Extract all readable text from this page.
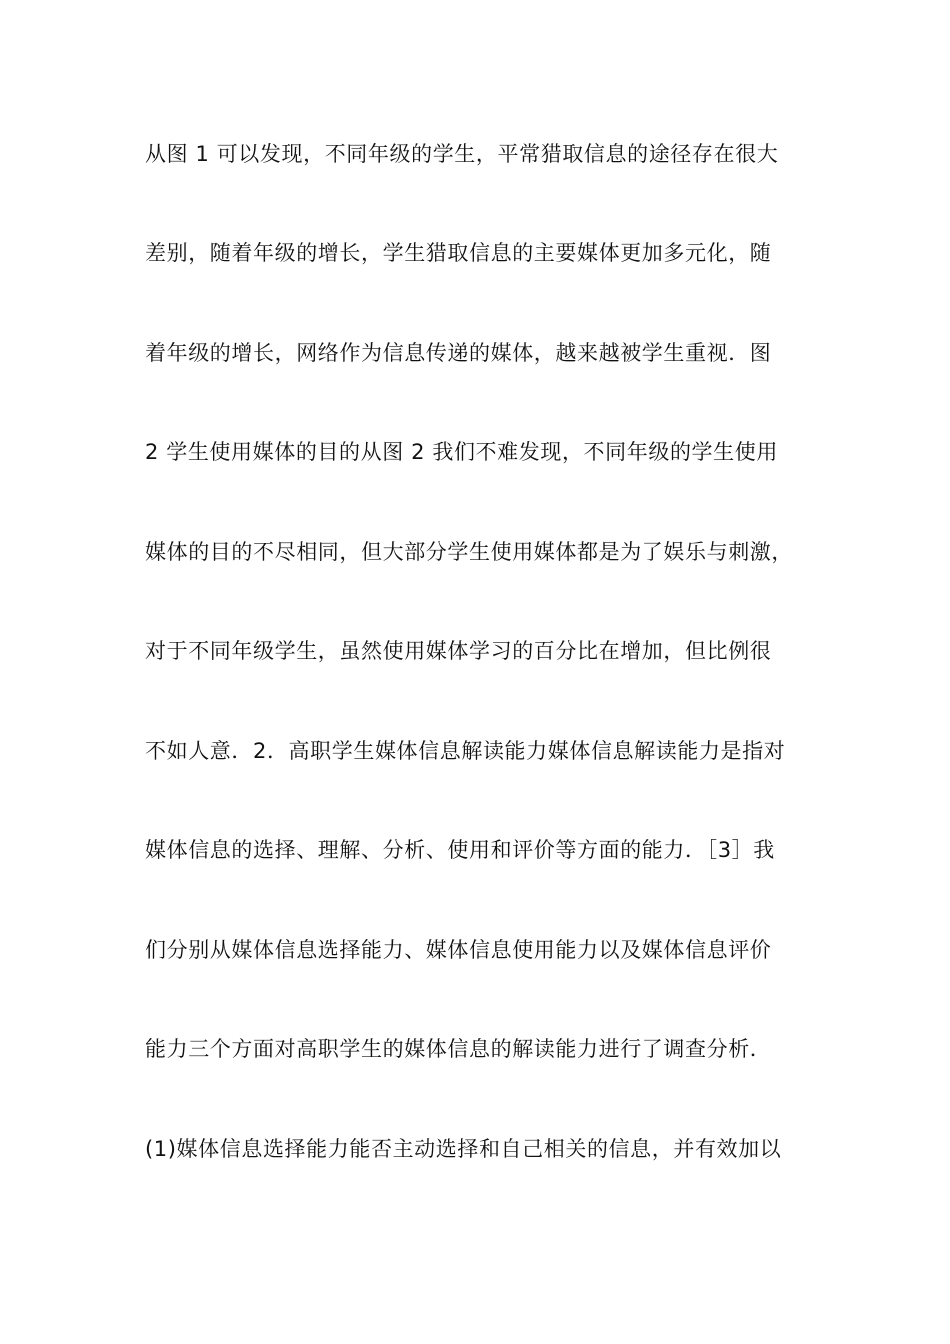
从图 1 可以发现，不同年级的学生，平常猎取信息的途径存在很大

差别，随着年级的增长，学生猎取信息的主要媒体更加多元化，随

着年级的增长，网络作为信息传递的媒体，越来越被学生重视．图

2 学生使用媒体的目的从图 2 我们不难发现，不同年级的学生使用

媒体的目的不尽相同，但大部分学生使用媒体都是为了娱乐与刺激，

对于不同年级学生，虽然使用媒体学习的百分比在增加，但比例很

不如人意．2．高职学生媒体信息解读能力媒体信息解读能力是指对

媒体信息的选择、理解、分析、使用和评价等方面的能力．［3］我

们分别从媒体信息选择能力、媒体信息使用能力以及媒体信息评价

能力三个方面对高职学生的媒体信息的解读能力进行了调查分析．

(1)媒体信息选择能力能否主动选择和自己相关的信息，并有效加以
